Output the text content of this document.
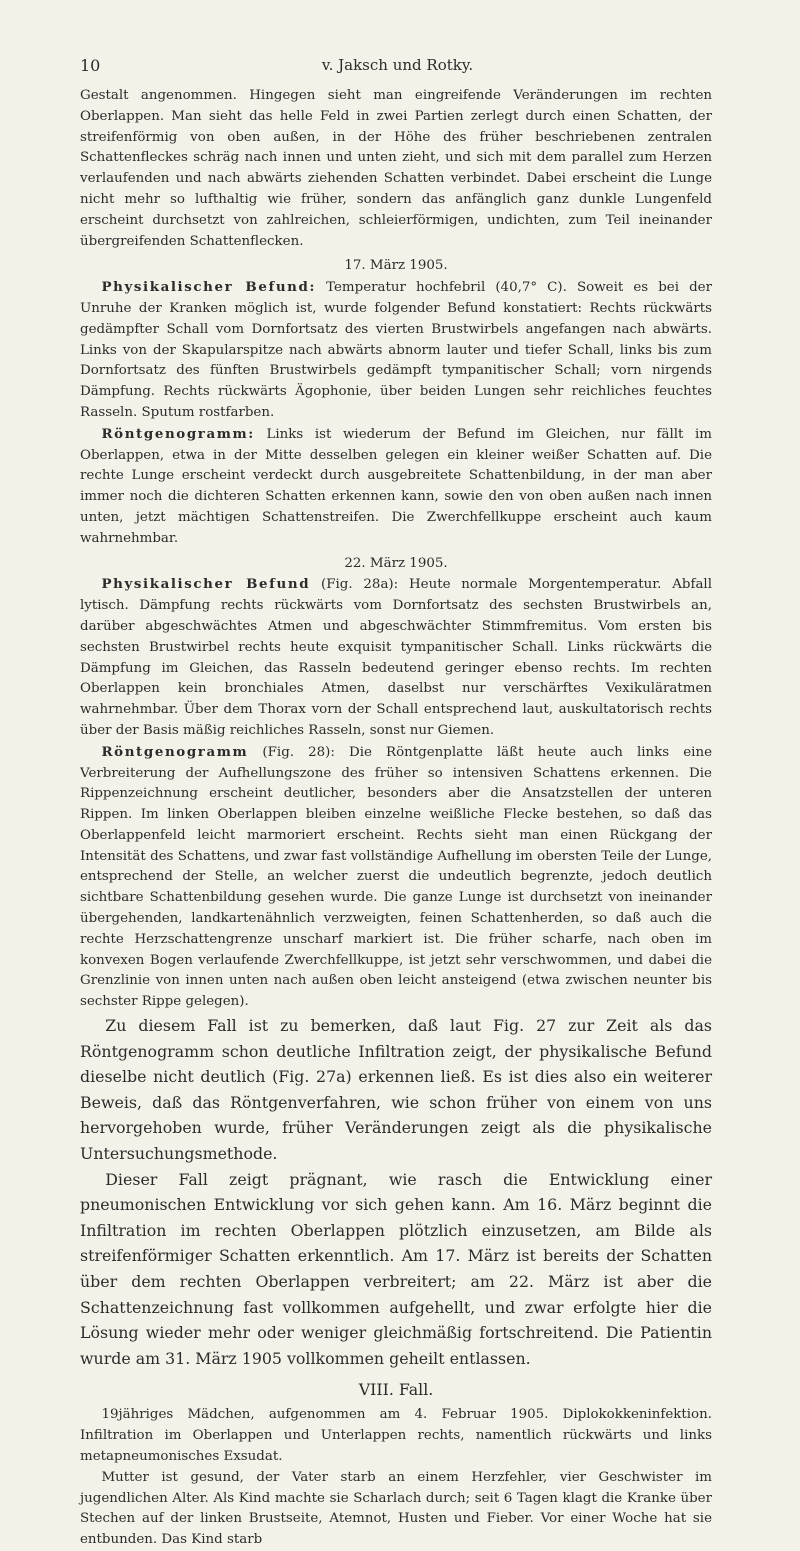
10	v. Jaksch und Rotky.

Gestalt angenommen. Hingegen sieht man eingreifende Veränderungen im rechten Oberlappen. Man sieht das helle Feld in zwei Partien zerlegt durch einen Schatten, der streifenförmig von oben außen, in der Höhe des früher beschriebenen zentralen Schattenfleckes schräg nach innen und unten zieht, und sich mit dem parallel zum Herzen verlaufenden und nach abwärts ziehenden Schatten verbindet. Dabei erscheint die Lunge nicht mehr so lufthaltig wie früher, sondern das anfänglich ganz dunkle Lungenfeld erscheint durchsetzt von zahlreichen, schleierförmigen, undichten, zum Teil ineinander übergreifenden Schattenflecken.

17. März 1905.

Physikalischer Befund: Temperatur hochfebril (40,7° C). Soweit es bei der Unruhe der Kranken möglich ist, wurde folgender Befund konstatiert: Rechts rückwärts gedämpfter Schall vom Dornfortsatz des vierten Brustwirbels angefangen nach abwärts. Links von der Skapularspitze nach abwärts abnorm lauter und tiefer Schall, links bis zum Dornfortsatz des fünften Brustwirbels gedämpft tympanitischer Schall; vorn nirgends Dämpfung. Rechts rückwärts Ägophonie, über beiden Lungen sehr reichliches feuchtes Rasseln. Sputum rostfarben.

Röntgenogramm: Links ist wiederum der Befund im Gleichen, nur fällt im Oberlappen, etwa in der Mitte desselben gelegen ein kleiner weißer Schatten auf. Die rechte Lunge erscheint verdeckt durch ausgebreitete Schattenbildung, in der man aber immer noch die dichteren Schatten erkennen kann, sowie den von oben außen nach innen unten, jetzt mächtigen Schattenstreifen. Die Zwerchfellkuppe erscheint auch kaum wahrnehmbar.

22. März 1905.

Physikalischer Befund (Fig. 28a): Heute normale Morgentemperatur. Abfall lytisch. Dämpfung rechts rückwärts vom Dornfortsatz des sechsten Brustwirbels an, darüber abgeschwächtes Atmen und abgeschwächter Stimmfremitus. Vom ersten bis sechsten Brustwirbel rechts heute exquisit tympanitischer Schall. Links rückwärts die Dämpfung im Gleichen, das Rasseln bedeutend geringer ebenso rechts. Im rechten Oberlappen kein bronchiales Atmen, daselbst nur verschärftes Vexikuläratmen wahrnehmbar. Über dem Thorax vorn der Schall entsprechend laut, auskultatorisch rechts über der Basis mäßig reichliches Rasseln, sonst nur Giemen.

Röntgenogramm (Fig. 28): Die Röntgenplatte läßt heute auch links eine Verbreiterung der Aufhellungszone des früher so intensiven Schattens erkennen. Die Rippenzeichnung erscheint deutlicher, besonders aber die Ansatzstellen der unteren Rippen. Im linken Oberlappen bleiben einzelne weißliche Flecke bestehen, so daß das Oberlappenfeld leicht marmoriert erscheint. Rechts sieht man einen Rückgang der Intensität des Schattens, und zwar fast vollständige Aufhellung im obersten Teile der Lunge, entsprechend der Stelle, an welcher zuerst die undeutlich begrenzte, jedoch deutlich sichtbare Schattenbildung gesehen wurde. Die ganze Lunge ist durchsetzt von ineinander übergehenden, landkartenähnlich verzweigten, feinen Schattenherden, so daß auch die rechte Herzschattengrenze unscharf markiert ist. Die früher scharfe, nach oben im konvexen Bogen verlaufende Zwerchfellkuppe, ist jetzt sehr verschwommen, und dabei die Grenzlinie von innen unten nach außen oben leicht ansteigend (etwa zwischen neunter bis sechster Rippe gelegen).

Zu diesem Fall ist zu bemerken, daß laut Fig. 27 zur Zeit als das Röntgenogramm schon deutliche Infiltration zeigt, der physikalische Befund dieselbe nicht deutlich (Fig. 27a) erkennen ließ. Es ist dies also ein weiterer Beweis, daß das Röntgenverfahren, wie schon früher von einem von uns hervorgehoben wurde, früher Veränderungen zeigt als die physikalische Untersuchungsmethode.

Dieser Fall zeigt prägnant, wie rasch die Entwicklung einer pneumonischen Entwicklung vor sich gehen kann. Am 16. März beginnt die Infiltration im rechten Oberlappen plötzlich einzusetzen, am Bilde als streifenförmiger Schatten erkenntlich. Am 17. März ist bereits der Schatten über dem rechten Oberlappen verbreitert; am 22. März ist aber die Schattenzeichnung fast vollkommen aufgehellt, und zwar erfolgte hier die Lösung wieder mehr oder weniger gleichmäßig fortschreitend. Die Patientin wurde am 31. März 1905 vollkommen geheilt entlassen.

VIII. Fall.

19jähriges Mädchen, aufgenommen am 4. Februar 1905. Diplokokkeninfektion. Infiltration im Oberlappen und Unterlappen rechts, namentlich rückwärts und links metapneumonisches Exsudat.

Mutter ist gesund, der Vater starb an einem Herzfehler, vier Geschwister im jugendlichen Alter. Als Kind machte sie Scharlach durch; seit 6 Tagen klagt die Kranke über Stechen auf der linken Brustseite, Atemnot, Husten und Fieber. Vor einer Woche hat sie entbunden. Das Kind starb
